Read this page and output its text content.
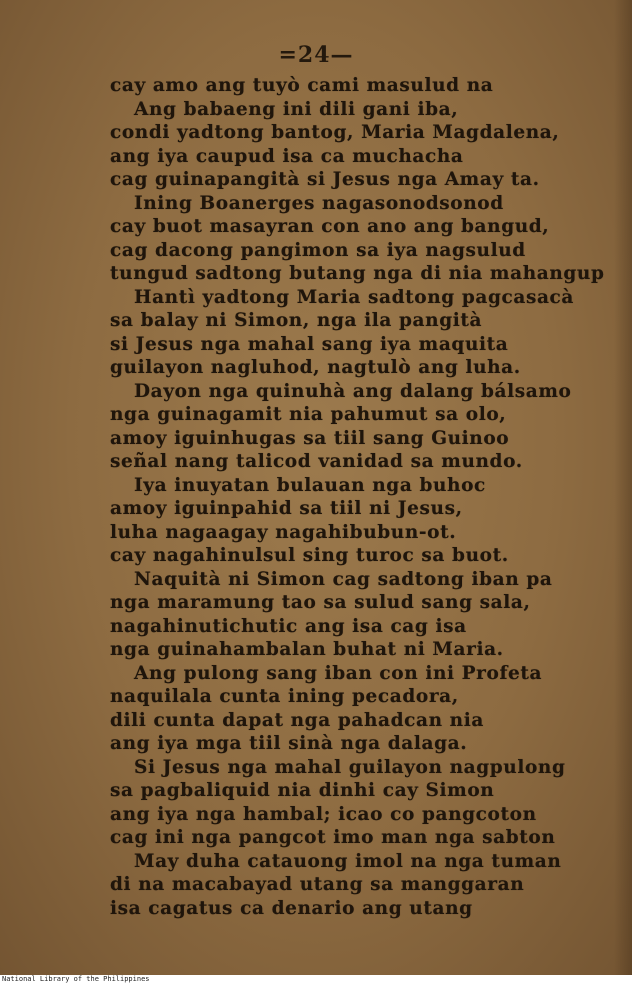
=24—
cay amo ang tuyò cami masulud na
Ang babaeng ini dili gani iba,
condi yadtong bantog, Maria Magdalena,
ang iya caupud isa ca muchacha
cag guinapangità si Jesus nga Amay ta.
Ining Boanerges nagasonodsonod
cay buot masayran con ano ang bangud,
cag dacong pangimon sa iya nagsulud
tungud sadtong butang nga di nia mahangup
Hantì yadtong Maria sadtong pagcasacà
sa balay ni Simon, nga ila pangità
si Jesus nga mahal sang iya maquita
guilayon nagluhod, nagtulò ang luha.
Dayon nga quinuhà ang dalang bálsamo
nga guinagamit nia pahumut sa olo,
amoy iguinhugas sa tiil sang Guinoo
señal nang talicod vanidad sa mundo.
Iya inuyatan bulauan nga buhoc
amoy iguinpahid sa tiil ni Jesus,
luha nagaagay nagahibubun-ot.
cay nagahinulsul sing turoc sa buot.
Naquità ni Simon cag sadtong iban pa
nga maramung tao sa sulud sang sala,
nagahinutichutic ang isa cag isa
nga guinahambalan buhat ni Maria.
Ang pulong sang iban con ini Profeta
naquilala cunta ining pecadora,
dili cunta dapat nga pahadcan nia
ang iya mga tiil sinà nga dalaga.
Si Jesus nga mahal guilayon nagpulong
sa pagbaliquid nia dinhi cay Simon
ang iya nga hambal; icao co pangcoton
cag ini nga pangcot imo man nga sabton
May duha catauong imol na nga tuman
di na macabayad utang sa manggaran
isa cagatus ca denario ang utang
National Library of the Philippines
